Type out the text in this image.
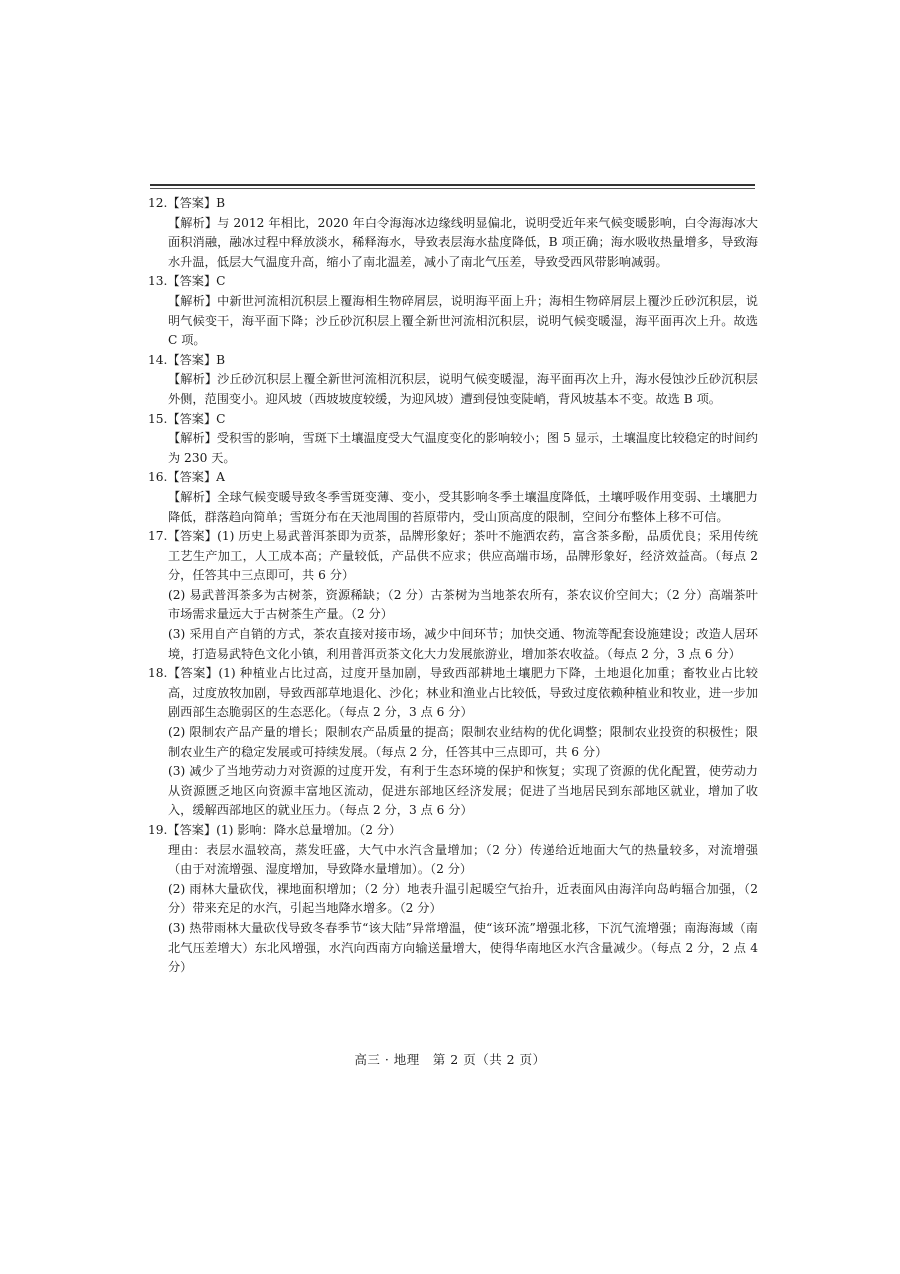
12.【答案】B

【解析】与 2012 年相比，2020 年白令海海冰边缘线明显偏北，说明受近年来气候变暖影响，白令海海冰大面积消融，融冰过程中释放淡水，稀释海水，导致表层海水盐度降低，B 项正确；海水吸收热量增多，导致海水升温，低层大气温度升高，缩小了南北温差，减小了南北气压差，导致受西风带影响减弱。

13.【答案】C

【解析】中新世河流相沉积层上覆海相生物碎屑层，说明海平面上升；海相生物碎屑层上覆沙丘砂沉积层，说明气候变干，海平面下降；沙丘砂沉积层上覆全新世河流相沉积层，说明气候变暖湿，海平面再次上升。故选 C 项。

14.【答案】B

【解析】沙丘砂沉积层上覆全新世河流相沉积层，说明气候变暖湿，海平面再次上升，海水侵蚀沙丘砂沉积层外侧，范围变小。迎风坡（西坡坡度较缓，为迎风坡）遭到侵蚀变陡峭，背风坡基本不变。故选 B 项。

15.【答案】C

【解析】受积雪的影响，雪斑下土壤温度受大气温度变化的影响较小；图 5 显示，土壤温度比较稳定的时间约为 230 天。

16.【答案】A

【解析】全球气候变暖导致冬季雪斑变薄、变小，受其影响冬季土壤温度降低，土壤呼吸作用变弱、土壤肥力降低，群落趋向简单；雪斑分布在天池周围的苔原带内，受山顶高度的限制，空间分布整体上移不可信。

17.【答案】(1) 历史上易武普洱茶即为贡茶，品牌形象好；茶叶不施洒农药，富含茶多酚，品质优良；采用传统工艺生产加工，人工成本高；产量较低，产品供不应求；供应高端市场，品牌形象好，经济效益高。（每点 2 分，任答其中三点即可，共 6 分）

(2) 易武普洱茶多为古树茶，资源稀缺；（2 分）古茶树为当地茶农所有，茶农议价空间大；（2 分）高端茶叶市场需求量远大于古树茶生产量。（2 分）

(3) 采用自产自销的方式，茶农直接对接市场，减少中间环节；加快交通、物流等配套设施建设；改造人居环境，打造易武特色文化小镇，利用普洱贡茶文化大力发展旅游业，增加茶农收益。（每点 2 分，3 点 6 分）

18.【答案】(1) 种植业占比过高，过度开垦加剧，导致西部耕地土壤肥力下降，土地退化加重；畜牧业占比较高，过度放牧加剧，导致西部草地退化、沙化；林业和渔业占比较低，导致过度依赖种植业和牧业，进一步加剧西部生态脆弱区的生态恶化。（每点 2 分，3 点 6 分）

(2) 限制农产品产量的增长；限制农产品质量的提高；限制农业结构的优化调整；限制农业投资的积极性；限制农业生产的稳定发展或可持续发展。（每点 2 分，任答其中三点即可，共 6 分）

(3) 减少了当地劳动力对资源的过度开发，有利于生态环境的保护和恢复；实现了资源的优化配置，使劳动力从资源匮乏地区向资源丰富地区流动，促进东部地区经济发展；促进了当地居民到东部地区就业，增加了收入，缓解西部地区的就业压力。（每点 2 分，3 点 6 分）

19.【答案】(1) 影响：降水总量增加。（2 分）

理由：表层水温较高，蒸发旺盛，大气中水汽含量增加；（2 分）传递给近地面大气的热量较多，对流增强（由于对流增强、湿度增加，导致降水量增加）。（2 分）

(2) 雨林大量砍伐，裸地面积增加；（2 分）地表升温引起暖空气抬升，近表面风由海洋向岛屿辐合加强，（2 分）带来充足的水汽，引起当地降水增多。（2 分）

(3) 热带雨林大量砍伐导致冬春季节“该大陆”异常增温，使“该环流”增强北移，下沉气流增强；南海海域（南北气压差增大）东北风增强，水汽向西南方向输送量增大，使得华南地区水汽含量减少。（每点 2 分，2 点 4 分）

高三 · 地理　第 2 页（共 2 页）
